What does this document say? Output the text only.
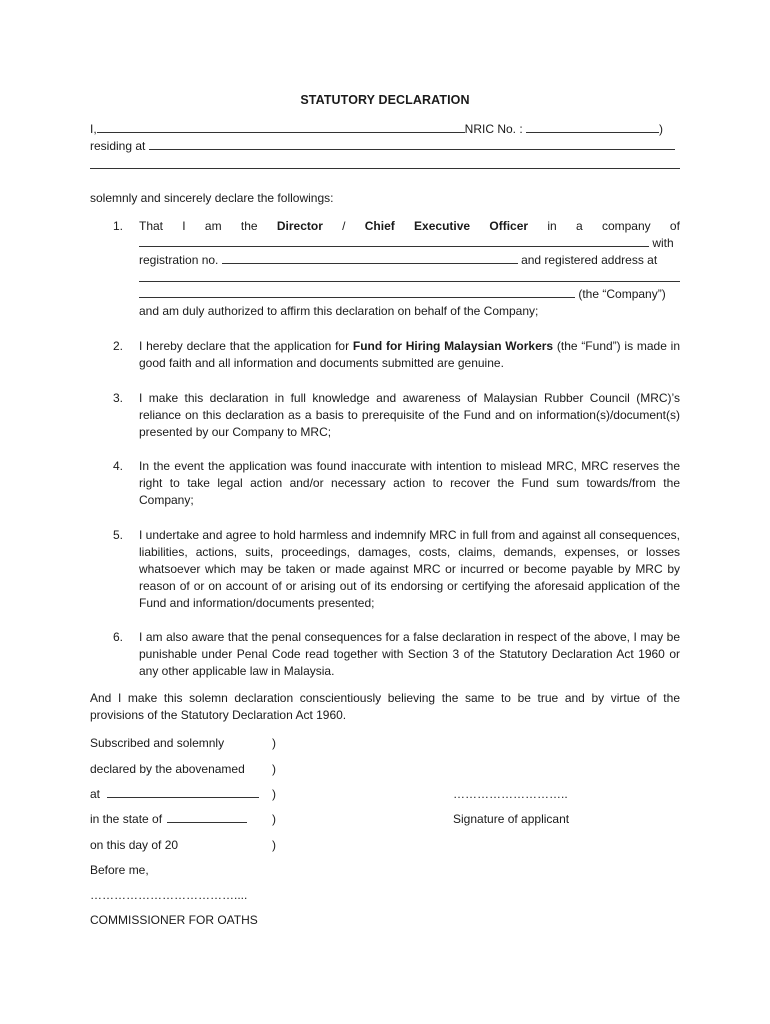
STATUTORY DECLARATION
I,	NRIC No. :	)
residing at
solemnly and sincerely declare the followings:
1. That I am the Director / Chief Executive Officer in a company of
with
registration no.	and registered address at
(the “Company”)
and am duly authorized to affirm this declaration on behalf of the Company;
2. I hereby declare that the application for Fund for Hiring Malaysian Workers (the “Fund”) is made in good faith and all information and documents submitted are genuine.
3. I make this declaration in full knowledge and awareness of Malaysian Rubber Council (MRC)’s reliance on this declaration as a basis to prerequisite of the Fund and on information(s)/document(s) presented by our Company to MRC;
4. In the event the application was found inaccurate with intention to mislead MRC, MRC reserves the right to take legal action and/or necessary action to recover the Fund sum towards/from the Company;
5. I undertake and agree to hold harmless and indemnify MRC in full from and against all consequences, liabilities, actions, suits, proceedings, damages, costs, claims, demands, expenses, or losses whatsoever which may be taken or made against MRC or incurred or become payable by MRC by reason of or on account of or arising out of its endorsing or certifying the aforesaid application of the Fund and information/documents presented;
6. I am also aware that the penal consequences for a false declaration in respect of the above, I may be punishable under Penal Code read together with Section 3 of the Statutory Declaration Act 1960 or any other applicable law in Malaysia.
And I make this solemn declaration conscientiously believing the same to be true and by virtue of the provisions of the Statutory Declaration Act 1960.
Subscribed and solemnly	)
declared by the abovenamed )
at	)	………………………..
in the state of	)	Signature of applicant
on this day of 20	)
Before me,
………………………………....
COMMISSIONER FOR OATHS
